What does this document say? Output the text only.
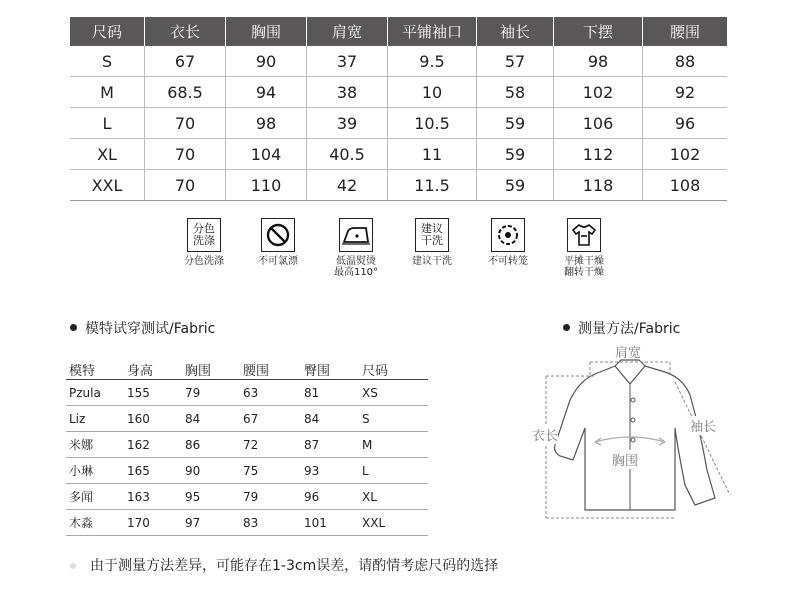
尺码	衣长	胸围	肩宽	平铺袖口	袖长	下摆	腰围
S	67	90	37	9.5	57	98	88
M	68.5	94	38	10	58	102	92
L	70	98	39	10.5	59	106	96
XL	70	104	40.5	11	59	112	102
XXL	70	110	42	11.5	59	118	108
分色洗涤
分色洗涤	不可氯漂	低温熨烫最高110°
建议干洗
建议干洗	不可转笼	平摊干燥翻转干燥
模特试穿测试/Fabric
模特	身高	胸围	腰围	臀围	尺码
Pzula	155	79	63	81	XS
Liz	160	84	67	84	S
米娜	162	86	72	87	M
小琳	165	90	75	93	L
多闻	163	95	79	96	XL
木淼	170	97	83	101	XXL
测量方法/Fabric
肩宽
衣长
胸围
袖长
由于测量方法差异，可能存在1-3cm误差，请酌情考虑尺码的选择
